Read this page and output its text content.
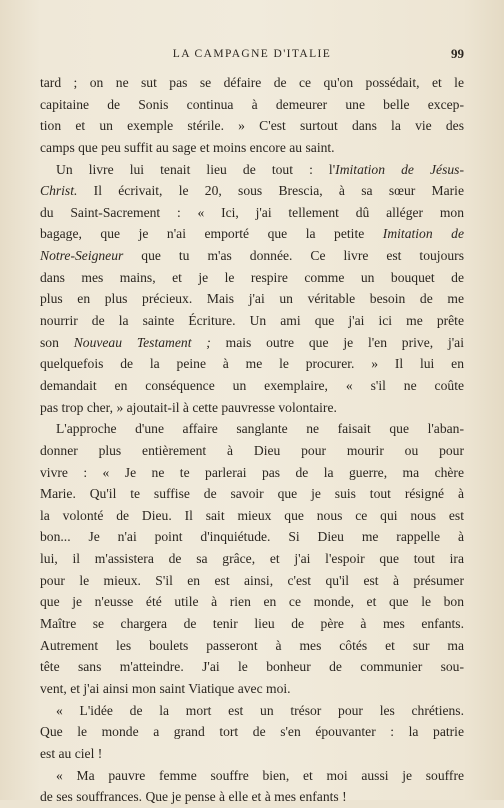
LA CAMPAGNE D'ITALIE	99
tard ; on ne sut pas se défaire de ce qu'on possédait, et le
capitaine de Sonis continua à demeurer une belle excep-
tion et un exemple stérile. » C'est surtout dans la vie des
camps que peu suffit au sage et moins encore au saint.
Un livre lui tenait lieu de tout : l'Imitation de Jésus-
Christ. Il écrivait, le 20, sous Brescia, à sa sœur Marie
du Saint-Sacrement : « Ici, j'ai tellement dû alléger mon
bagage, que je n'ai emporté que la petite Imitation de
Notre-Seigneur que tu m'as donnée. Ce livre est toujours
dans mes mains, et je le respire comme un bouquet de
plus en plus précieux. Mais j'ai un véritable besoin de me
nourrir de la sainte Écriture. Un ami que j'ai ici me prête
son Nouveau Testament ; mais outre que je l'en prive, j'ai
quelquefois de la peine à me le procurer. » Il lui en
demandait en conséquence un exemplaire, « s'il ne coûte
pas trop cher, » ajoutait-il à cette pauvresse volontaire.
L'approche d'une affaire sanglante ne faisait que l'aban-
donner plus entièrement à Dieu pour mourir ou pour
vivre : « Je ne te parlerai pas de la guerre, ma chère
Marie. Qu'il te suffise de savoir que je suis tout résigné à
la volonté de Dieu. Il sait mieux que nous ce qui nous est
bon... Je n'ai point d'inquiétude. Si Dieu me rappelle à
lui, il m'assistera de sa grâce, et j'ai l'espoir que tout ira
pour le mieux. S'il en est ainsi, c'est qu'il est à présumer
que je n'eusse été utile à rien en ce monde, et que le bon
Maître se chargera de tenir lieu de père à mes enfants.
Autrement les boulets passeront à mes côtés et sur ma
tête sans m'atteindre. J'ai le bonheur de communier sou-
vent, et j'ai ainsi mon saint Viatique avec moi.
« L'idée de la mort est un trésor pour les chrétiens.
Que le monde a grand tort de s'en épouvanter : la patrie
est au ciel !
« Ma pauvre femme souffre bien, et moi aussi je souffre
de ses souffrances. Que je pense à elle et à mes enfants !
